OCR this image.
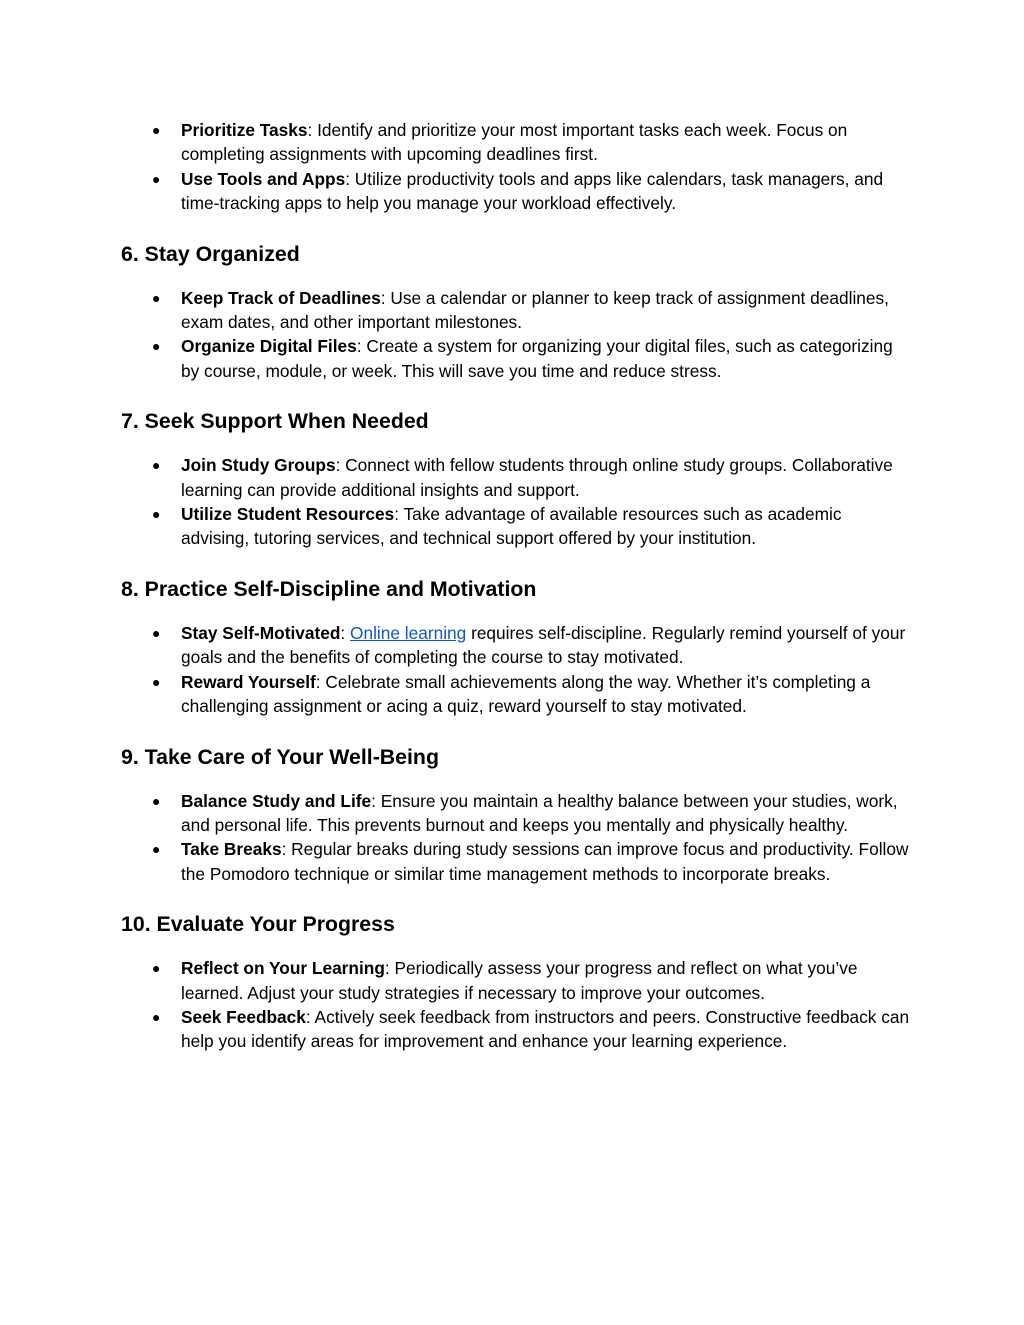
● Prioritize Tasks: Identify and prioritize your most important tasks each week. Focus on completing assignments with upcoming deadlines first.
● Use Tools and Apps: Utilize productivity tools and apps like calendars, task managers, and time-tracking apps to help you manage your workload effectively.
6. Stay Organized
● Keep Track of Deadlines: Use a calendar or planner to keep track of assignment deadlines, exam dates, and other important milestones.
● Organize Digital Files: Create a system for organizing your digital files, such as categorizing by course, module, or week. This will save you time and reduce stress.
7. Seek Support When Needed
● Join Study Groups: Connect with fellow students through online study groups. Collaborative learning can provide additional insights and support.
● Utilize Student Resources: Take advantage of available resources such as academic advising, tutoring services, and technical support offered by your institution.
8. Practice Self-Discipline and Motivation
● Stay Self-Motivated: Online learning requires self-discipline. Regularly remind yourself of your goals and the benefits of completing the course to stay motivated.
● Reward Yourself: Celebrate small achievements along the way. Whether it’s completing a challenging assignment or acing a quiz, reward yourself to stay motivated.
9. Take Care of Your Well-Being
● Balance Study and Life: Ensure you maintain a healthy balance between your studies, work, and personal life. This prevents burnout and keeps you mentally and physically healthy.
● Take Breaks: Regular breaks during study sessions can improve focus and productivity. Follow the Pomodoro technique or similar time management methods to incorporate breaks.
10. Evaluate Your Progress
● Reflect on Your Learning: Periodically assess your progress and reflect on what you’ve learned. Adjust your study strategies if necessary to improve your outcomes.
● Seek Feedback: Actively seek feedback from instructors and peers. Constructive feedback can help you identify areas for improvement and enhance your learning experience.
